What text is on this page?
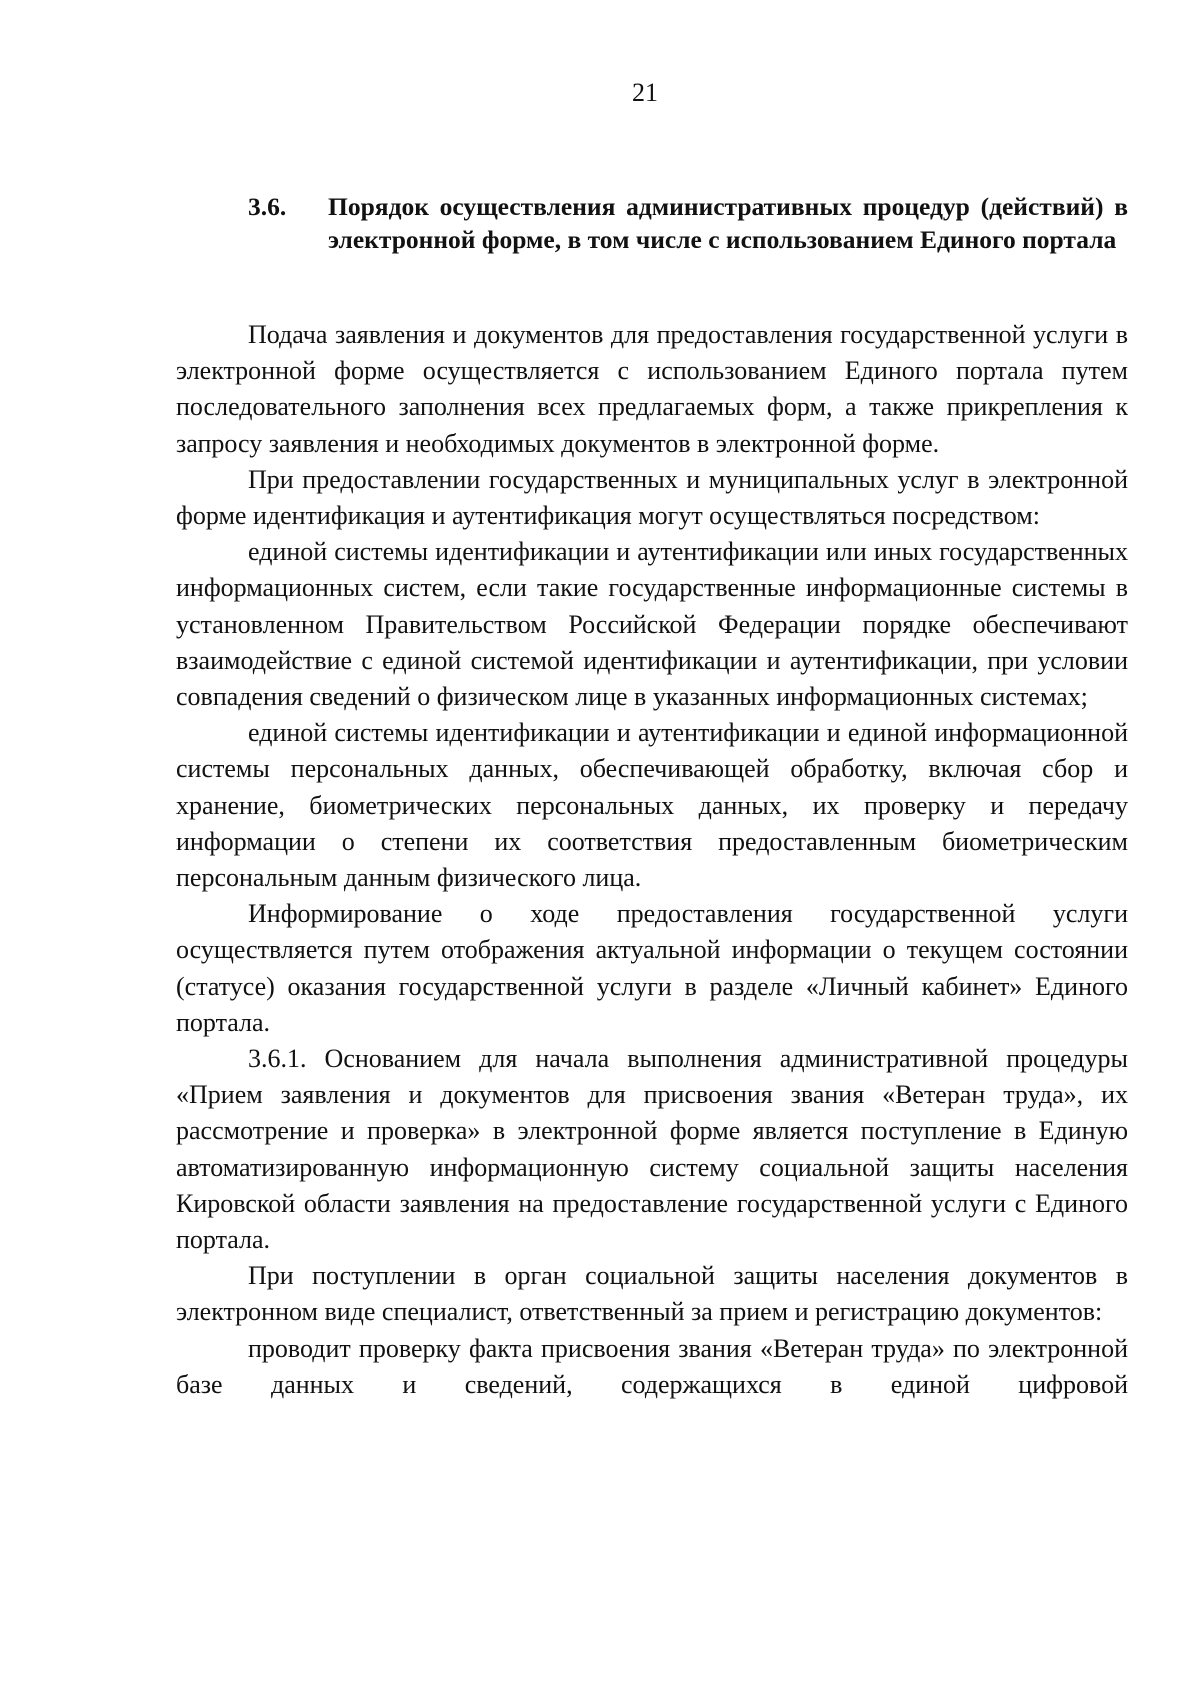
21
3.6. Порядок осуществления административных процедур (действий) в электронной форме, в том числе с использованием Единого портала

Подача заявления и документов для предоставления государственной услуги в электронной форме осуществляется с использованием Единого портала путем последовательного заполнения всех предлагаемых форм, а также прикрепления к запросу заявления и необходимых документов в электронной форме.

При предоставлении государственных и муниципальных услуг в электронной форме идентификация и аутентификация могут осуществляться посредством:

единой системы идентификации и аутентификации или иных государственных информационных систем, если такие государственные информационные системы в установленном Правительством Российской Федерации порядке обеспечивают взаимодействие с единой системой идентификации и аутентификации, при условии совпадения сведений о физическом лице в указанных информационных системах;

единой системы идентификации и аутентификации и единой информационной системы персональных данных, обеспечивающей обработку, включая сбор и хранение, биометрических персональных данных, их проверку и передачу информации о степени их соответствия предоставленным биометрическим персональным данным физического лица.

Информирование о ходе предоставления государственной услуги осуществляется путем отображения актуальной информации о текущем состоянии (статусе) оказания государственной услуги в разделе «Личный кабинет» Единого портала.

3.6.1. Основанием для начала выполнения административной процедуры «Прием заявления и документов для присвоения звания «Ветеран труда», их рассмотрение и проверка» в электронной форме является поступление в Единую автоматизированную информационную систему социальной защиты населения Кировской области заявления на предоставление государственной услуги с Единого портала.

При поступлении в орган социальной защиты населения документов в электронном виде специалист, ответственный за прием и регистрацию документов:

проводит проверку факта присвоения звания «Ветеран труда» по электронной базе данных и сведений, содержащихся в единой цифровой
